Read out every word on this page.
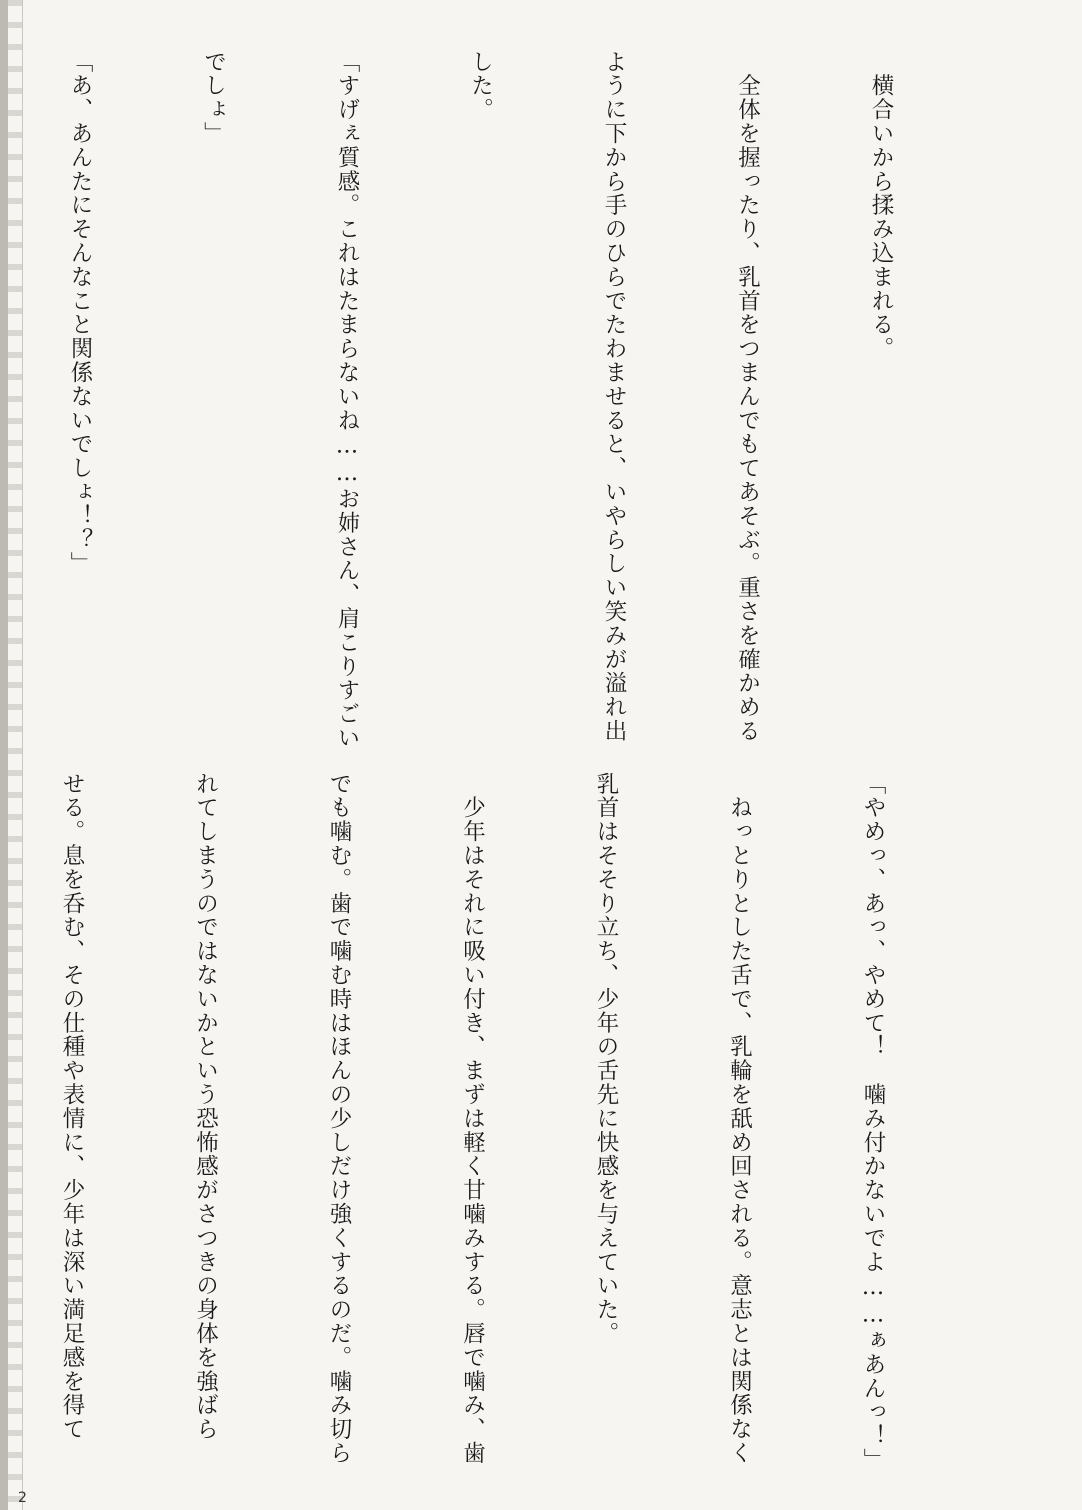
　横合いから揉み込まれる。

　全体を握ったり、乳首をつまんでもてあそぶ。重さを確かめる

ように下から手のひらでたわませると、いやらしい笑みが溢れ出

した。

「すげぇ質感。これはたまらないね……お姉さん、肩こりすごい

でしょ」

「あ、あんたにそんなこと関係ないでしょ！？」

「やめっ、あっ、やめて！　噛み付かないでよ……ぁあんっ！」

　ねっとりとした舌で、乳輪を舐め回される。意志とは関係なく

乳首はそそり立ち、少年の舌先に快感を与えていた。

　少年はそれに吸い付き、まずは軽く甘噛みする。唇で噛み、歯

でも噛む。歯で噛む時はほんの少しだけ強くするのだ。噛み切ら

れてしまうのではないかという恐怖感がさつきの身体を強ばら

せる。息を呑む、その仕種や表情に、少年は深い満足感を得て

2
